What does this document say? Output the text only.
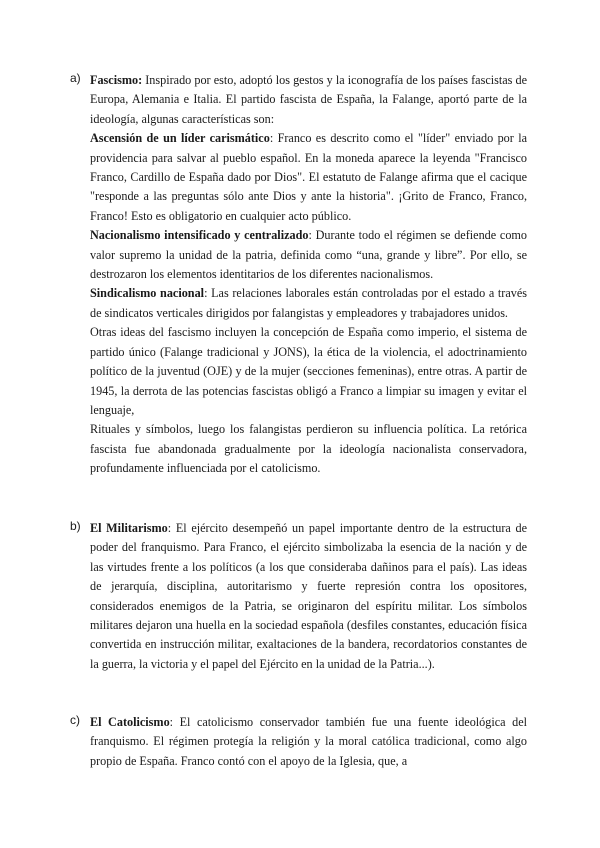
a) Fascismo: Inspirado por esto, adoptó los gestos y la iconografía de los países fascistas de Europa, Alemania e Italia. El partido fascista de España, la Falange, aportó parte de la ideología, algunas características son:

Ascensión de un líder carismático: Franco es descrito como el "líder" enviado por la providencia para salvar al pueblo español. En la moneda aparece la leyenda "Francisco Franco, Cardillo de España dado por Dios". El estatuto de Falange afirma que el cacique "responde a las preguntas sólo ante Dios y ante la historia". ¡Grito de Franco, Franco, Franco! Esto es obligatorio en cualquier acto público.

Nacionalismo intensificado y centralizado: Durante todo el régimen se defiende como valor supremo la unidad de la patria, definida como “una, grande y libre”. Por ello, se destrozaron los elementos identitarios de los diferentes nacionalismos.

Sindicalismo nacional: Las relaciones laborales están controladas por el estado a través de sindicatos verticales dirigidos por falangistas y empleadores y trabajadores unidos.

Otras ideas del fascismo incluyen la concepción de España como imperio, el sistema de partido único (Falange tradicional y JONS), la ética de la violencia, el adoctrinamiento político de la juventud (OJE) y de la mujer (secciones femeninas), entre otras. A partir de 1945, la derrota de las potencias fascistas obligó a Franco a limpiar su imagen y evitar el lenguaje,

Rituales y símbolos, luego los falangistas perdieron su influencia política. La retórica fascista fue abandonada gradualmente por la ideología nacionalista conservadora, profundamente influenciada por el catolicismo.

b) El Militarismo: El ejército desempeñó un papel importante dentro de la estructura de poder del franquismo. Para Franco, el ejército simbolizaba la esencia de la nación y de las virtudes frente a los políticos (a los que consideraba dañinos para el país). Las ideas de jerarquía, disciplina, autoritarismo y fuerte represión contra los opositores, considerados enemigos de la Patria, se originaron del espíritu militar. Los símbolos militares dejaron una huella en la sociedad española (desfiles constantes, educación física convertida en instrucción militar, exaltaciones de la bandera, recordatorios constantes de la guerra, la victoria y el papel del Ejército en la unidad de la Patria...).

c) El Catolicismo: El catolicismo conservador también fue una fuente ideológica del franquismo. El régimen protegía la religión y la moral católica tradicional, como algo propio de España. Franco contó con el apoyo de la Iglesia, que, a
